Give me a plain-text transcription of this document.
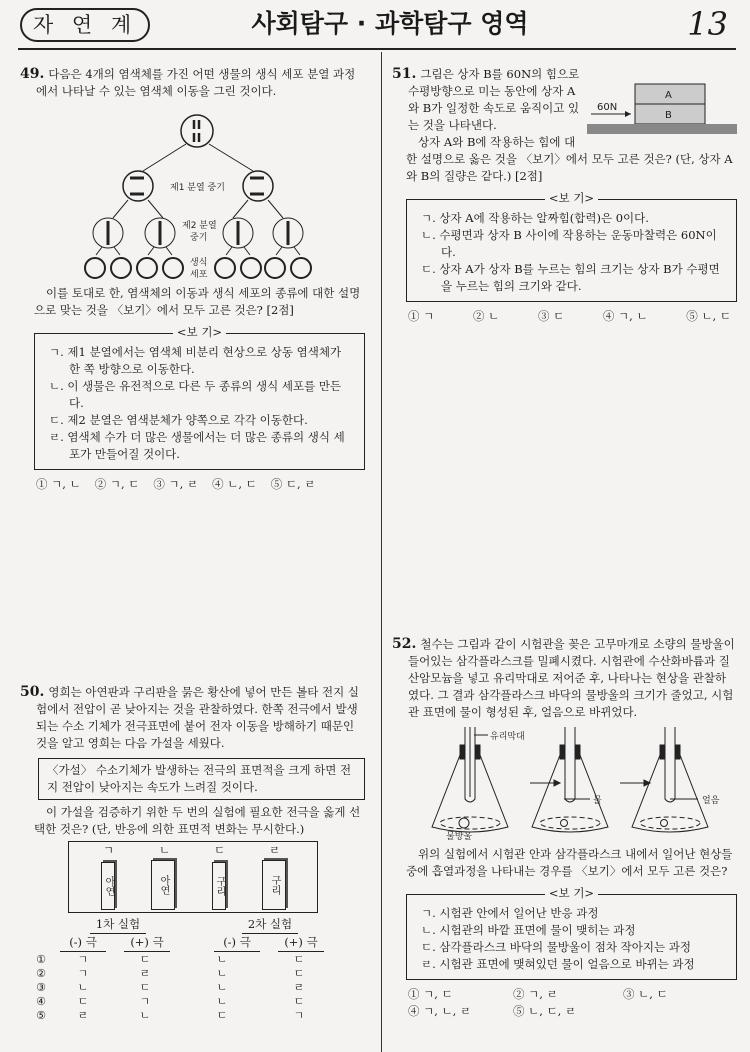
자 연 계	사회탐구 · 과학탐구 영역	13
49. 다음은 4개의 염색체를 가진 어떤 생물의 생식 세포 분열 과정에서 나타날 수 있는 염색체 이동을 그린 것이다.
제1 분열 중기
제2 분열
중기
생식
세포
이를 토대로 한, 염색체의 이동과 생식 세포의 종류에 대한 설명으로 맞는 것을 〈보기〉에서 모두 고른 것은? [2점]
<보 기>
ㄱ. 제1 분열에서는 염색체 비분리 현상으로 상동 염색체가 한 쪽 방향으로 이동한다.
ㄴ. 이 생물은 유전적으로 다른 두 종류의 생식 세포를 만든다.
ㄷ. 제2 분열은 염색분체가 양쪽으로 각각 이동한다.
ㄹ. 염색체 수가 더 많은 생물에서는 더 많은 종류의 생식 세포가 만들어질 것이다.
① ㄱ, ㄴ ② ㄱ, ㄷ ③ ㄱ, ㄹ ④ ㄴ, ㄷ ⑤ ㄷ, ㄹ
50. 영희는 아연판과 구리판을 묽은 황산에 넣어 만든 볼타 전지 실험에서 전압이 곧 낮아지는 것을 관찰하였다. 한쪽 전극에서 발생되는 수소 기체가 전극표면에 붙어 전자 이동을 방해하기 때문인 것을 알고 영희는 다음 가설을 세웠다.
〈가설〉 수소기체가 발생하는 전극의 표면적을 크게 하면 전지 전압이 낮아지는 속도가 느려질 것이다.
이 가설을 검증하기 위한 두 번의 실험에 필요한 전극을 옳게 선택한 것은? (단, 반응에 의한 표면적 변화는 무시한다.)
ㄱ	ㄴ	ㄷ	ㄹ
아연	아연	구리	구리
1차 실험	2차 실험
(-) 극	(+) 극	(-) 극	(+) 극
①	ㄱ	ㄷ	ㄴ	ㄷ
②	ㄱ	ㄹ	ㄴ	ㄷ
③	ㄴ	ㄷ	ㄴ	ㄹ
④	ㄷ	ㄱ	ㄴ	ㄷ
⑤	ㄹ	ㄴ	ㄷ	ㄱ
60N
A
B
51. 그림은 상자 B를 60N의 힘으로 수평방향으로 미는 동안에 상자 A와 B가 일정한 속도로 움직이고 있는 것을 나타낸다.
상자 A와 B에 작용하는 힘에 대한 설명으로 옳은 것을 〈보기〉에서 모두 고른 것은? (단, 상자 A와 B의 질량은 같다.) [2점]
<보 기>
ㄱ. 상자 A에 작용하는 알짜힘(합력)은 0이다.
ㄴ. 수평면과 상자 B 사이에 작용하는 운동마찰력은 60N이다.
ㄷ. 상자 A가 상자 B를 누르는 힘의 크기는 상자 B가 수평면을 누르는 힘의 크기와 같다.
① ㄱ	② ㄴ	③ ㄷ	④ ㄱ, ㄴ	⑤ ㄴ, ㄷ
52. 철수는 그림과 같이 시험관을 꽂은 고무마개로 소량의 물방울이 들어있는 삼각플라스크를 밀폐시켰다. 시험관에 수산화바륨과 질산암모늄을 넣고 유리막대로 저어준 후, 나타나는 현상을 관찰하였다. 그 결과 삼각플라스크 바닥의 물방울의 크기가 줄었고, 시험관 표면에 물이 형성된 후, 얼음으로 바뀌었다.
유리막대
물	얼음
물방울
위의 실험에서 시험관 안과 삼각플라스크 내에서 일어난 현상들 중에 흡열과정을 나타내는 경우를 〈보기〉에서 모두 고른 것은?
<보 기>
ㄱ. 시험관 안에서 일어난 반응 과정
ㄴ. 시험관의 바깥 표면에 물이 맺히는 과정
ㄷ. 삼각플라스크 바닥의 물방울이 점차 작아지는 과정
ㄹ. 시험관 표면에 맺혀있던 물이 얼음으로 바뀌는 과정
① ㄱ, ㄷ	② ㄱ, ㄹ	③ ㄴ, ㄷ
④ ㄱ, ㄴ, ㄹ	⑤ ㄴ, ㄷ, ㄹ
